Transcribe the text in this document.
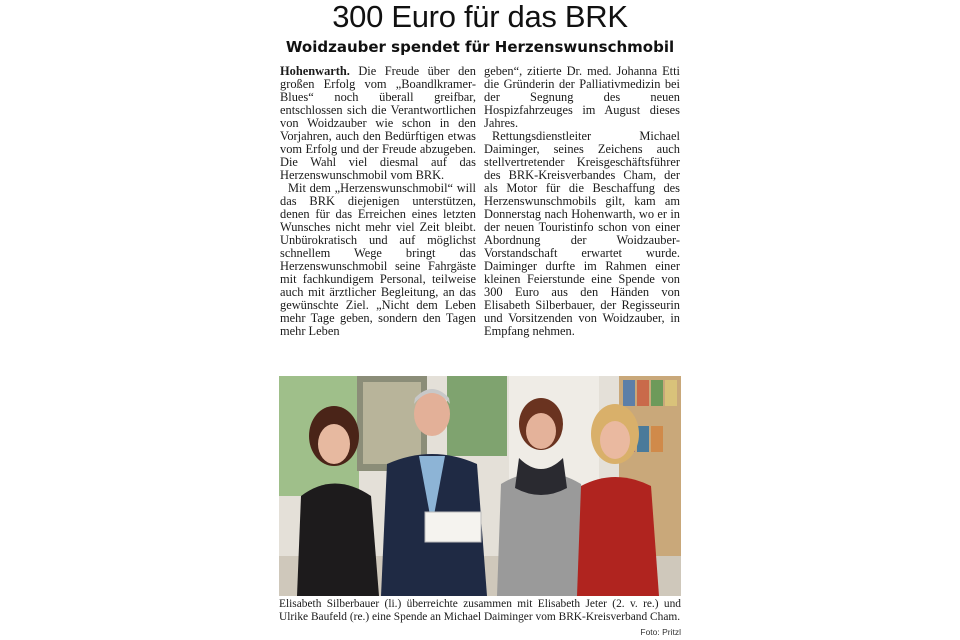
300 Euro für das BRK
Woidzauber spendet für Herzenswunschmobil

Hohenwarth. Die Freude über den großen Erfolg vom „Boandlkramer-Blues“ noch überall greifbar, entschlossen sich die Verantwortlichen von Woidzauber wie schon in den Vorjahren, auch den Bedürftigen etwas vom Erfolg und der Freude abzugeben. Die Wahl viel diesmal auf das Herzenswunschmobil vom BRK.

Mit dem „Herzenswunschmobil“ will das BRK diejenigen unterstützen, denen für das Erreichen eines letzten Wunsches nicht mehr viel Zeit bleibt. Unbürokratisch und auf möglichst schnellem Wege bringt das Herzenswunschmobil seine Fahrgäste mit fachkundigem Personal, teilweise auch mit ärztlicher Begleitung, an das gewünschte Ziel. „Nicht dem Leben mehr Tage geben, sondern den Tagen mehr Leben

geben“, zitierte Dr. med. Johanna Etti die Gründerin der Palliativmedizin bei der Segnung des neuen Hospizfahrzeuges im August dieses Jahres.

Rettungsdienstleiter Michael Daiminger, seines Zeichens auch stellvertretender Kreisgeschäftsführer des BRK-Kreisverbandes Cham, der als Motor für die Beschaffung des Herzenswunschmobils gilt, kam am Donnerstag nach Hohenwarth, wo er in der neuen Touristinfo schon von einer Abordnung der Woidzauber-Vorstandschaft erwartet wurde. Daiminger durfte im Rahmen einer kleinen Feierstunde eine Spende von 300 Euro aus den Händen von Elisabeth Silberbauer, der Regisseurin und Vorsitzenden von Woidzauber, in Empfang nehmen.

Elisabeth Silberbauer (li.) überreichte zusammen mit Elisabeth Jeter (2. v. re.) und Ulrike Baufeld (re.) eine Spende an Michael Daiminger vom BRK-Kreisverband Cham.
Foto: Pritzl
